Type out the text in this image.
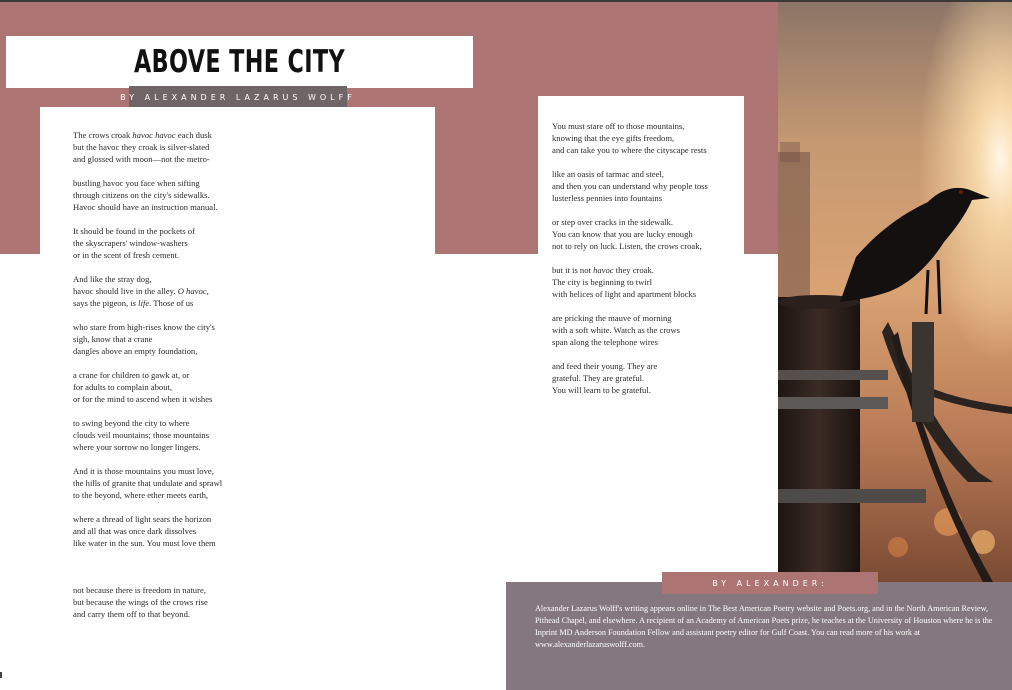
ABOVE THE CITY
BY ALEXANDER LAZARUS WOLFF
The crows croak havoc havoc each dusk
but the havoc they croak is silver-slated
and glossed with moon—not the metro-
bustling havoc you face when sifting
through citizens on the city's sidewalks.
Havoc should have an instruction manual.
It should be found in the pockets of
the skyscrapers' window-washers
or in the scent of fresh cement.
And like the stray dog,
havoc should live in the alley. O havoc,
says the pigeon, is life. Those of us
who stare from high-rises know the city's
sigh, know that a crane
dangles above an empty foundation,
a crane for children to gawk at, or
for adults to complain about,
or for the mind to ascend when it wishes
to swing beyond the city to where
clouds veil mountains; those mountains
where your sorrow no longer lingers.
And it is those mountains you must love,
the hills of granite that undulate and sprawl
to the beyond, where ether meets earth,
where a thread of light sears the horizon
and all that was once dark dissolves
like water in the sun. You must love them
not because there is freedom in nature,
but because the wings of the crows rise
and carry them off to that beyond.
You must stare off to those mountains,
knowing that the eye gifts freedom,
and can take you to where the cityscape rests
like an oasis of tarmac and steel,
and then you can understand why people toss
lusterless pennies into fountains
or step over cracks in the sidewalk.
You can know that you are lucky enough
not to rely on luck. Listen, the crows croak,
but it is not havoc they croak.
The city is beginning to twirl
with helices of light and apartment blocks
are pricking the mauve of morning
with a soft white. Watch as the crows
span along the telephone wires
and feed their young. They are
grateful. They are grateful.
You will learn to be grateful.
BY ALEXANDER:
Alexander Lazarus Wolff's writing appears online in The Best American Poetry website and Poets.org, and in the North American Review, Pithead Chapel, and elsewhere. A recipient of an Academy of American Poets prize, he teaches at the University of Houston where he is the Inprint MD Anderson Foundation Fellow and assistant poetry editor for Gulf Coast. You can read more of his work at www.alexanderlazaruswolff.com.
